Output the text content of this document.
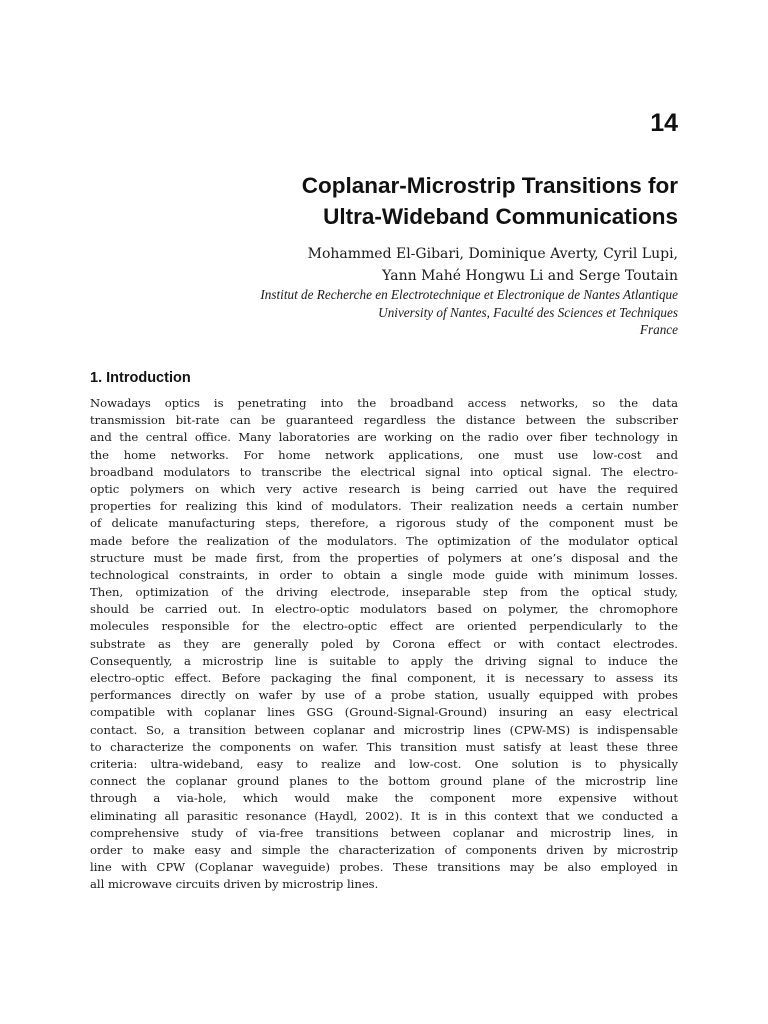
14
Coplanar-Microstrip Transitions for
Ultra-Wideband Communications
Mohammed El-Gibari, Dominique Averty, Cyril Lupi,
Yann Mahé Hongwu Li and Serge Toutain
Institut de Recherche en Electrotechnique et Electronique de Nantes Atlantique
University of Nantes, Faculté des Sciences et Techniques
France
1. Introduction
Nowadays optics is penetrating into the broadband access networks, so the data
transmission bit-rate can be guaranteed regardless the distance between the subscriber
and the central office. Many laboratories are working on the radio over fiber technology in
the home networks. For home network applications, one must use low-cost and
broadband modulators to transcribe the electrical signal into optical signal. The electro-
optic polymers on which very active research is being carried out have the required
properties for realizing this kind of modulators. Their realization needs a certain number
of delicate manufacturing steps, therefore, a rigorous study of the component must be
made before the realization of the modulators. The optimization of the modulator optical
structure must be made first, from the properties of polymers at one’s disposal and the
technological constraints, in order to obtain a single mode guide with minimum losses.
Then, optimization of the driving electrode, inseparable step from the optical study,
should be carried out. In electro-optic modulators based on polymer, the chromophore
molecules responsible for the electro-optic effect are oriented perpendicularly to the
substrate as they are generally poled by Corona effect or with contact electrodes.
Consequently, a microstrip line is suitable to apply the driving signal to induce the
electro-optic effect. Before packaging the final component, it is necessary to assess its
performances directly on wafer by use of a probe station, usually equipped with probes
compatible with coplanar lines GSG (Ground-Signal-Ground) insuring an easy electrical
contact. So, a transition between coplanar and microstrip lines (CPW-MS) is indispensable
to characterize the components on wafer. This transition must satisfy at least these three
criteria: ultra-wideband, easy to realize and low-cost. One solution is to physically
connect the coplanar ground planes to the bottom ground plane of the microstrip line
through a via-hole, which would make the component more expensive without
eliminating all parasitic resonance (Haydl, 2002). It is in this context that we conducted a
comprehensive study of via-free transitions between coplanar and microstrip lines, in
order to make easy and simple the characterization of components driven by microstrip
line with CPW (Coplanar waveguide) probes. These transitions may be also employed in
all microwave circuits driven by microstrip lines.
